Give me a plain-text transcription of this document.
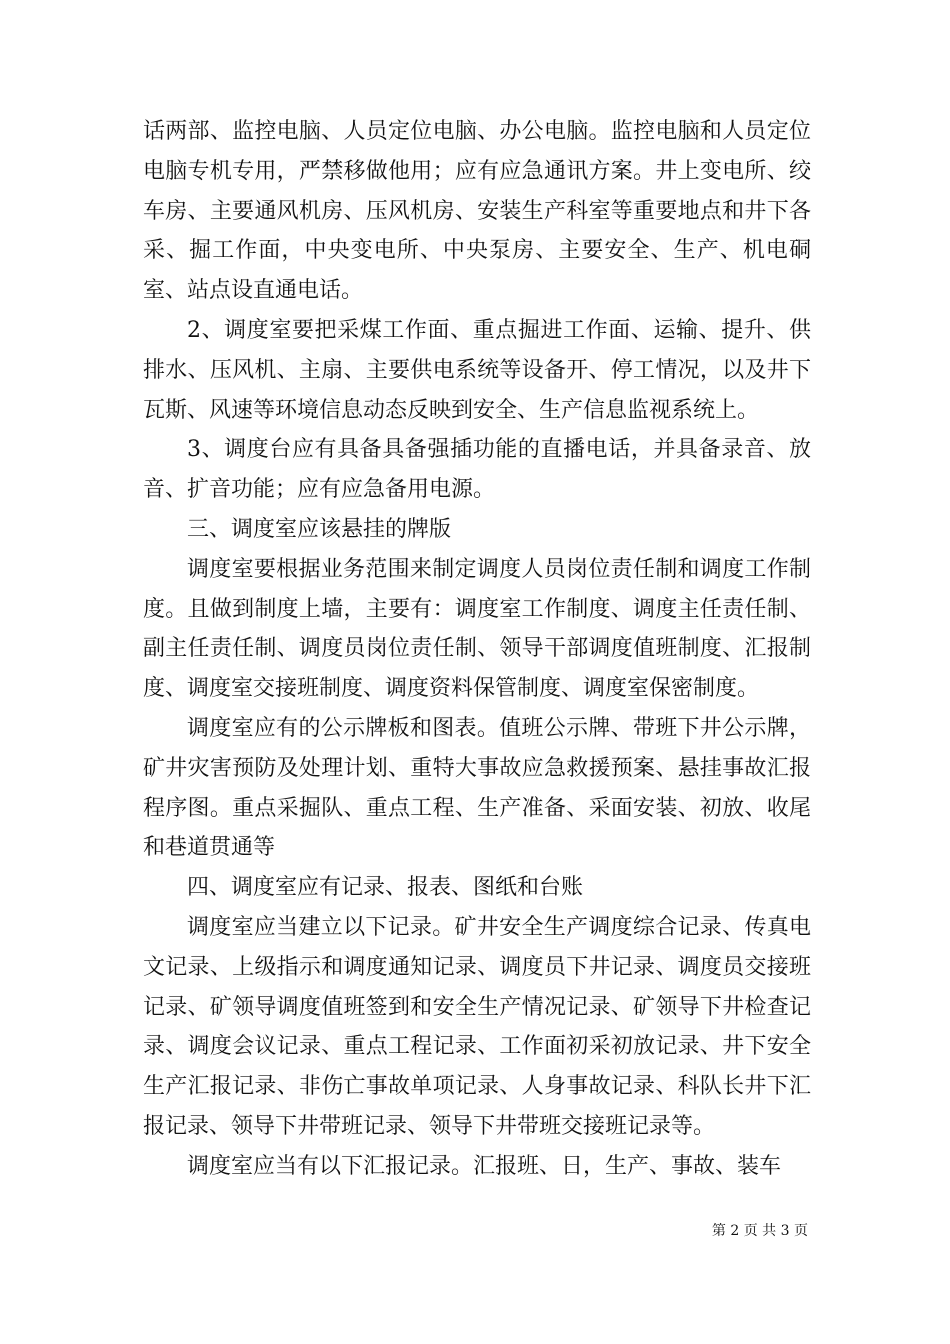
话两部、监控电脑、人员定位电脑、办公电脑。监控电脑和人员定位电脑专机专用，严禁移做他用；应有应急通讯方案。井上变电所、绞车房、主要通风机房、压风机房、安装生产科室等重要地点和井下各采、掘工作面，中央变电所、中央泵房、主要安全、生产、机电硐室、站点设直通电话。

2、调度室要把采煤工作面、重点掘进工作面、运输、提升、供排水、压风机、主扇、主要供电系统等设备开、停工情况，以及井下瓦斯、风速等环境信息动态反映到安全、生产信息监视系统上。

3、调度台应有具备具备强插功能的直播电话，并具备录音、放音、扩音功能；应有应急备用电源。

三、调度室应该悬挂的牌版

调度室要根据业务范围来制定调度人员岗位责任制和调度工作制度。且做到制度上墙，主要有：调度室工作制度、调度主任责任制、副主任责任制、调度员岗位责任制、领导干部调度值班制度、汇报制度、调度室交接班制度、调度资料保管制度、调度室保密制度。

调度室应有的公示牌板和图表。值班公示牌、带班下井公示牌，矿井灾害预防及处理计划、重特大事故应急救援预案、悬挂事故汇报程序图。重点采掘队、重点工程、生产准备、采面安装、初放、收尾和巷道贯通等

四、调度室应有记录、报表、图纸和台账

调度室应当建立以下记录。矿井安全生产调度综合记录、传真电文记录、上级指示和调度通知记录、调度员下井记录、调度员交接班记录、矿领导调度值班签到和安全生产情况记录、矿领导下井检查记录、调度会议记录、重点工程记录、工作面初采初放记录、井下安全生产汇报记录、非伤亡事故单项记录、人身事故记录、科队长井下汇报记录、领导下井带班记录、领导下井带班交接班记录等。

调度室应当有以下汇报记录。汇报班、日，生产、事故、装车

第 2 页 共 3 页
